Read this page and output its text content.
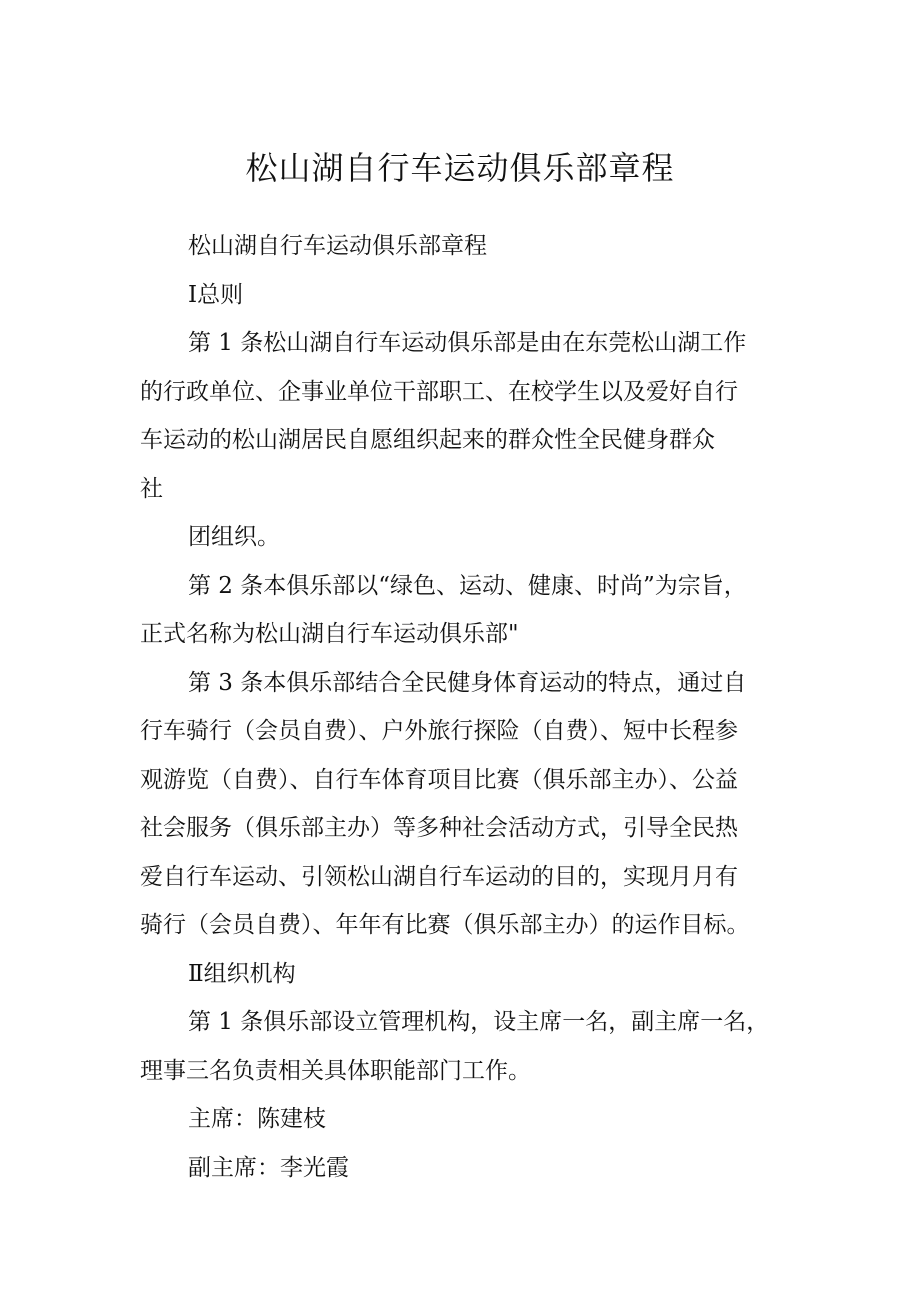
松山湖自行车运动俱乐部章程

松山湖自行车运动俱乐部章程

Ⅰ总则

第 1 条松山湖自行车运动俱乐部是由在东莞松山湖工作
的行政单位、企事业单位干部职工、在校学生以及爱好自行
车运动的松山湖居民自愿组织起来的群众性全民健身群众
社

团组织。

第 2 条本俱乐部以“绿色、运动、健康、时尚”为宗旨，
正式名称为松山湖自行车运动俱乐部"

第 3 条本俱乐部结合全民健身体育运动的特点，通过自
行车骑行（会员自费）、户外旅行探险（自费）、短中长程参
观游览（自费）、自行车体育项目比赛（俱乐部主办）、公益
社会服务（俱乐部主办）等多种社会活动方式，引导全民热
爱自行车运动、引领松山湖自行车运动的目的，实现月月有
骑行（会员自费）、年年有比赛（俱乐部主办）的运作目标。

Ⅱ组织机构

第 1 条俱乐部设立管理机构，设主席一名，副主席一名，
理事三名负责相关具体职能部门工作。

主席：陈建枝

副主席：李光霞
